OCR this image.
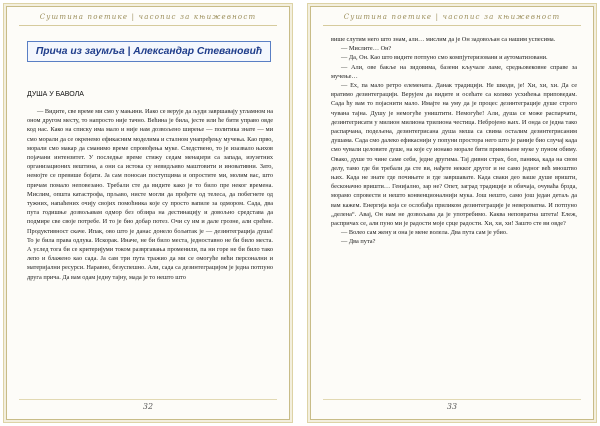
Суштина поетике | часопис за књижевност
Прича из заумља | Александар Стевановић
ДУША У БАВОЛА
— Видите, све време ми смо у мањини. Иако се верује да људи завршавају угламном на оном другом месту, то напросто није тачно. Већина је била, јесте или ће бити управо овде код нас. Како на списку има мало и није нам дозвољено ширење — политика знате — ми смо морали да се окренемо ефикасним моделима и сталном унапређењу мучења. Као прво, морали смо макар да сманимо време спровођења муке. Следствено, то је изазвало њихов појачани интензитет. У последње време стижу седам менаџери са запада, изузетних организационих вештина, а они са истока су невидљиво маштовити и иновативни. Зато, немојте се превише бојати. Ја сам поносан поступцима и опростите ми, молим вас, што причам помало неповезано. Требали сте да видите како је то било пре неког времена. Мислим, општа катастрофа, прљаво, нисте могли да прођете од телеса, да побегнете од тужних, напаћених очију својих помоћника које су просто вапиле за одмором. Сада, два пута годишње дозвољавам одмор без обзира на дестинацију и довољно средстава да подмире све своје потребе. И то је био добар потез. Очи су им и дале грозне, али срећне. Продуктивност скаче. Ипак, ово што је данас донело бољитак је — дезинтеграција душа! То је била права одлука. Искорак. Иначе, не би било места, једноставно не би било места. А услед тога би се критеријуми током развргавања променили, па ни горе не би било тако лепо и блажено као сада. Ја сам три пута тражио да ми се омогуће већи персонални и материјални ресурси. Наравно, безуспешно. Али, сада са дезинтеграцијом је једна потпуно друга прича. Да вам одам једну тајну, мада је то нешто што
32
Суштина поетике | часопис за књижевност

више слутим него што знам, али… мислим да је Он задовољан са нашим успесима.

— Мислите… Он?

— Да, Он. Као што видите потпуно смо компјутеризовани и аутоматизовани.

— Али, ове бакље на зидовима, базени кључале ламе, средњовековне справе за мучење…

— Ех, па мало ретро елемената. Данак традицији. Не шкоди, је! Хи, хи, хи. Да се вратимо дезинтеграцији. Верујем да видите и осећате са колико усхићења приповедам. Сада ћу вам то појаснити мало. Имајте на уму да је процес дезинтеграције душе строго чувана тајна. Душу је немогуће уништити. Немогуће! Али, душа се може распарчати, дезинтегрисати у милион милиона трилиона честица. Небројено њих. И онда се једна тако распарчана, подељена, дезинтегрисана душа меша са свима осталим дезинтегрисаним душама. Сада смо далеко ефикаснији у попуни простора него што је раније био случај када смо чували целовите душе, на које су ионако морале бити примењене муке у пуном обиму. Овако, душе то чине саме себи, једне другима. Тај дивни страх, бол, паника, када на свом делу, тамо где би требали да сте ви, нађете некког другог и не само једног већ мноштво њих. Када не знате где почињете и где завршавате. Када сваки део ваше душе вришти, бесконачно вришти… Генијално, зар не? Опет, заград традиције и обичаја, очуваћа брзда, морамо спровести и нешто конвенционалнији мука. Још нешто, само још један детаљ да вам кажем. Енергија која се ослобађа приликом дезинтеграције је невероватна. И потпуно „делена“. Авај, Он нам не дозвољава да је употребимо. Каква неповратна штета! Ележ, распричах се, али пуно ми је радости моје срце радости. Хи, хи, хи! Зашто сте ви овде?

— Волео сам жену и она је мене волела. Два пута сам је убио.

— Два пута?

33
